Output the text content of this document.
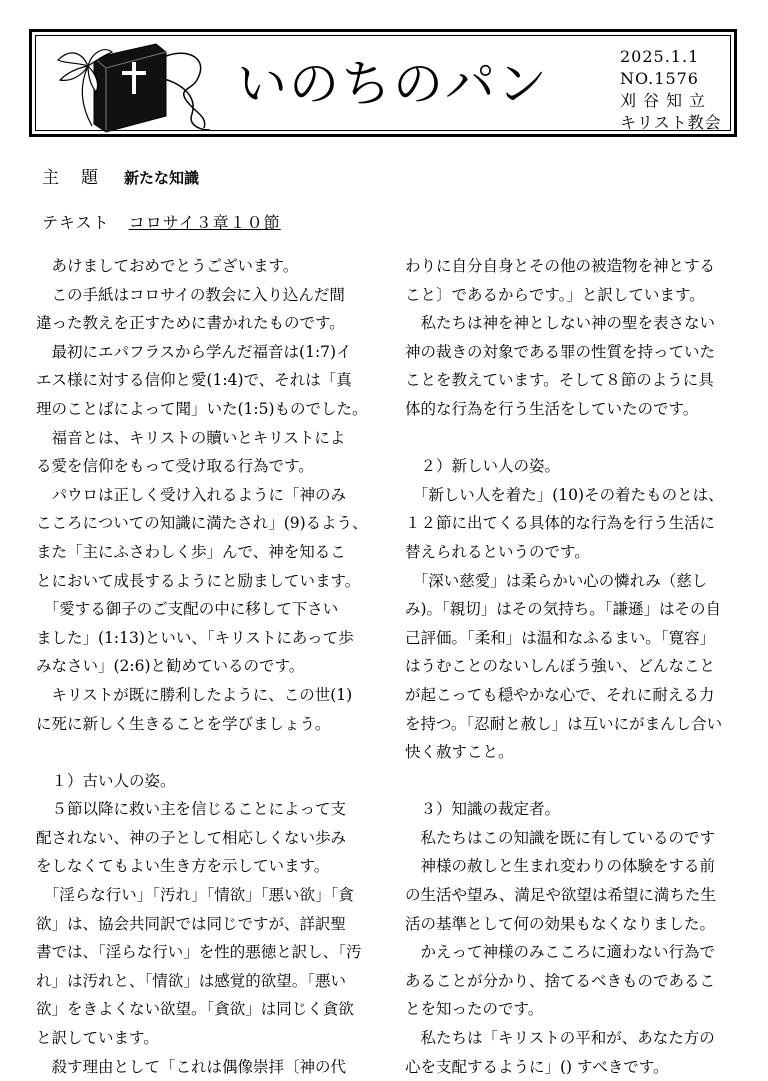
いのちのパン	2025.1.1
NO.1576
刈谷知立
キリスト教会
主題 新たな知識
テキスト コロサイ３章１０節

　あけましておめでとうございます。

　この手紙はコロサイの教会に入り込んだ間

違った教えを正すために書かれたものです。

　最初にエパフラスから学んだ福音は(1:7)イ

エス様に対する信仰と愛(1:4)で、それは「真

理のことばによって聞」いた(1:5)ものでした。

　福音とは、キリストの贖いとキリストによ

る愛を信仰をもって受け取る行為です。

　パウロは正しく受け入れるように「神のみ

こころについての知識に満たされ」(9)るよう、

また「主にふさわしく歩」んで、神を知るこ

とにおいて成長するようにと励ましています。

　「愛する御子のご支配の中に移して下さい

ました」(1:13)といい、「キリストにあって歩

みなさい」(2:6)と勧めているのです。

　キリストが既に勝利したように、この世(1)

に死に新しく生きることを学びましょう。

　１）古い人の姿。

　５節以降に救い主を信じることによって支

配されない、神の子として相応しくない歩み

をしなくてもよい生き方を示しています。

　「淫らな行い」「汚れ」「情欲」「悪い欲」「貪

欲」は、協会共同訳では同じですが、詳訳聖

書では、「淫らな行い」を性的悪徳と訳し、「汚

れ」は汚れと、「情欲」は感覚的欲望。「悪い

欲」をきよくない欲望。「貪欲」は同じく貪欲

と訳しています。

　殺す理由として「これは偶像崇拝〔神の代

わりに自分自身とその他の被造物を神とする

こと〕であるからです。」と訳しています。

　私たちは神を神としない神の聖を表さない

神の裁きの対象である罪の性質を持っていた

ことを教えています。そして８節のように具

体的な行為を行う生活をしていたのです。

　２）新しい人の姿。

　「新しい人を着た」(10)その着たものとは、

１２節に出てくる具体的な行為を行う生活に

替えられるというのです。

　「深い慈愛」は柔らかい心の憐れみ（慈し

み)。「親切」はその気持ち。「謙遜」はその自

己評価。「柔和」は温和なふるまい。「寛容」

はうむことのないしんぼう強い、どんなこと

が起こっても穏やかな心で、それに耐える力

を持つ。「忍耐と赦し」は互いにがまんし合い

快く赦すこと。

　３）知識の裁定者。

　私たちはこの知識を既に有しているのです

　神様の赦しと生まれ変わりの体験をする前

の生活や望み、満足や欲望は希望に満ちた生

活の基準として何の効果もなくなりました。

　かえって神様のみこころに適わない行為で

あることが分かり、捨てるべきものであるこ

とを知ったのです。

　私たちは「キリストの平和が、あなた方の

心を支配するように」() すべきです。
